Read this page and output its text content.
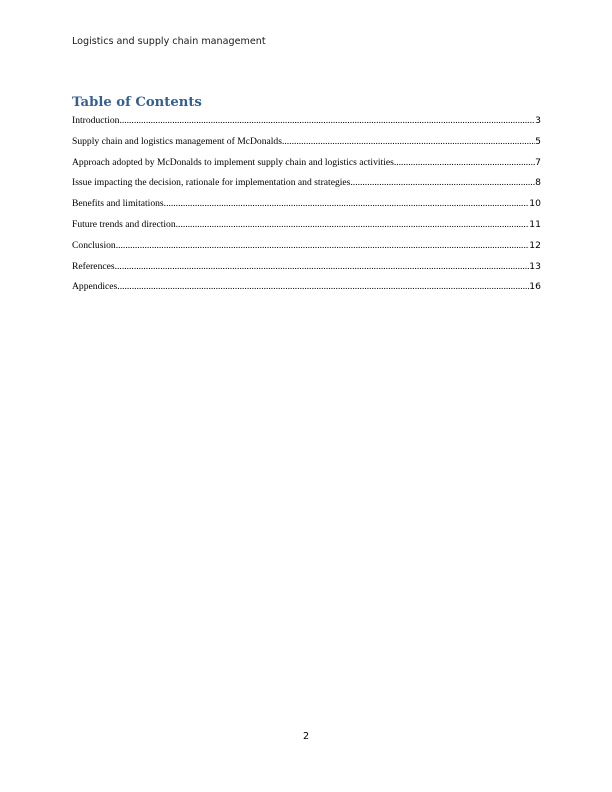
Logistics and supply chain management
Table of Contents
Introduction .....	3
Supply chain and logistics management of McDonalds .....	5
Approach adopted by McDonalds to implement supply chain and logistics activities .....	7
Issue impacting the decision, rationale for implementation and strategies .....	8
Benefits and limitations .....	10
Future trends and direction .....	11
Conclusion .....	12
References .....	13
Appendices .....	16
2
